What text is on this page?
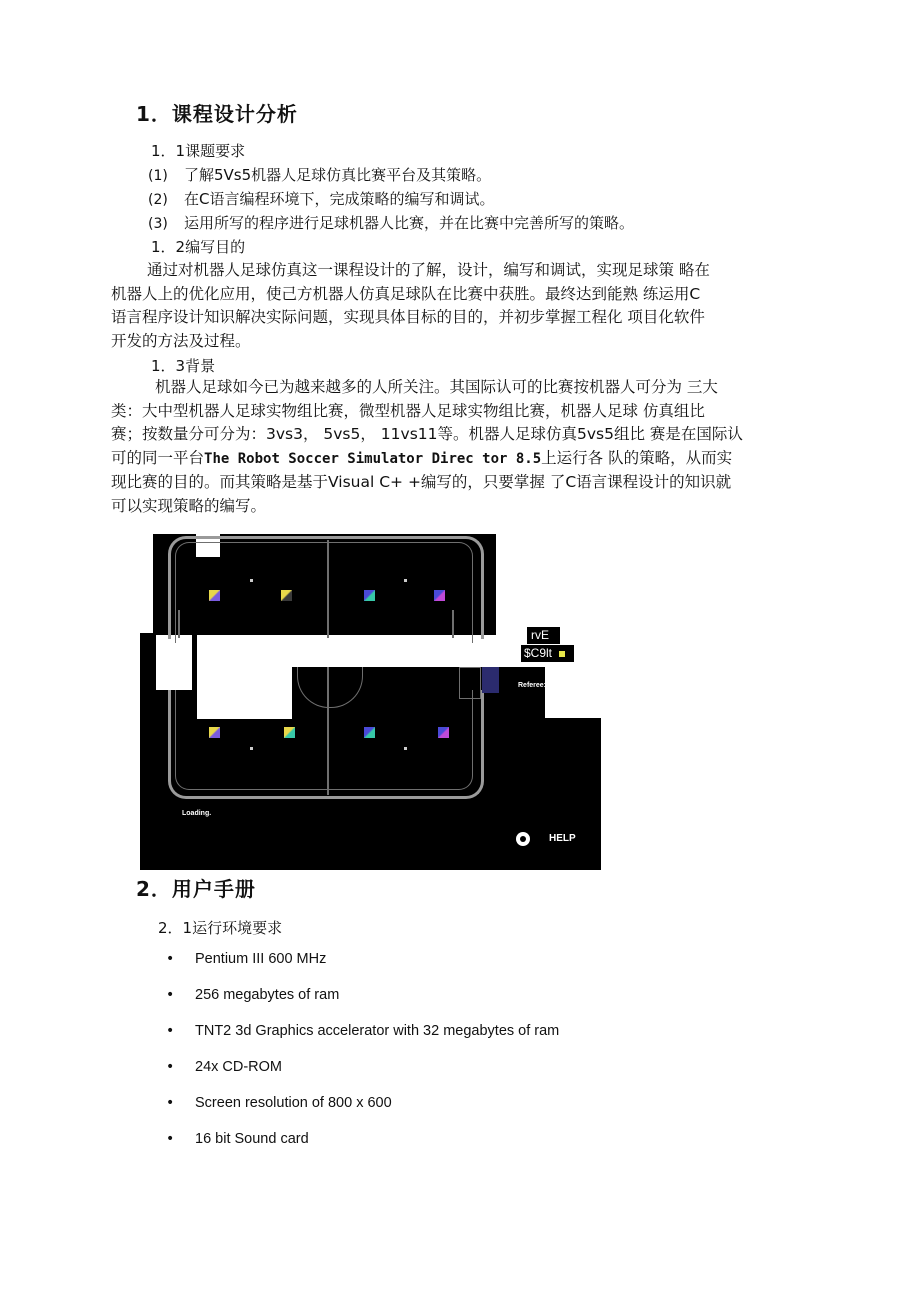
1．课程设计分析
1．1课题要求
(1) 了解5Vs5机器人足球仿真比赛平台及其策略。
(2) 在C语言编程环境下，完成策略的编写和调试。
(3) 运用所写的程序进行足球机器人比赛，并在比赛中完善所写的策略。
1．2编写目的

通过对机器人足球仿真这一课程设计的了解，设计，编写和调试，实现足球策 略在

机器人上的优化应用，使己方机器人仿真足球队在比赛中获胜。最终达到能熟 练运用C

语言程序设计知识解决实际问题，实现具体目标的目的，并初步掌握工程化 项目化软件

开发的方法及过程。

1．3背景

机器人足球如今已为越来越多的人所关注。其国际认可的比赛按机器人可分为 三大

类：大中型机器人足球实物组比赛，微型机器人足球实物组比赛，机器人足球 仿真组比

赛；按数量分可分为：3vs3， 5vs5， 11vs11等。机器人足球仿真5vs5组比 赛是在国际认

可的同一平台The Robot Soccer Simulator Direc tor 8.5上运行各 队的策略，从而实

现比赛的目的。而其策略是基于Visual C+ +编写的，只要掌握 了C语言课程设计的知识就

可以实现策略的编写。

rvE
$C9lt
Referee:
Loading.
HELP
2．用户手册
2．1运行环境要求
• Pentium III 600 MHz
• 256 megabytes of ram
• TNT2 3d Graphics accelerator with 32 megabytes of ram
• 24x CD-ROM
• Screen resolution of 800 x 600
• 16 bit Sound card
